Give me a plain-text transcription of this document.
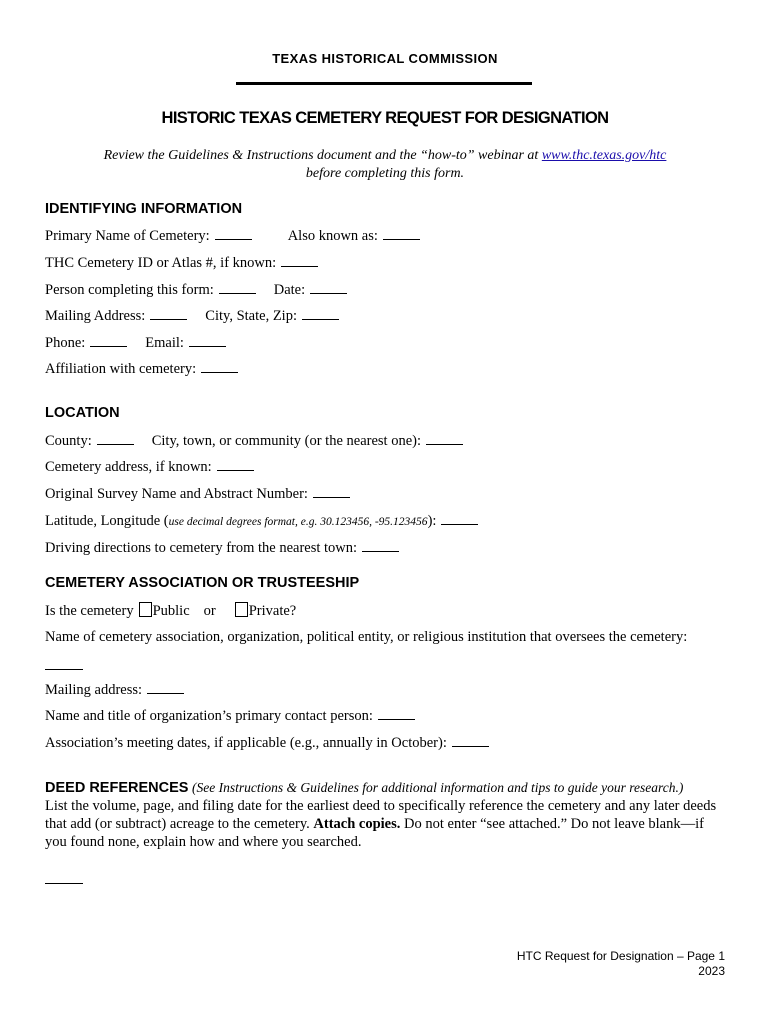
TEXAS HISTORICAL COMMISSION
HISTORIC TEXAS CEMETERY REQUEST FOR DESIGNATION
Review the Guidelines & Instructions document and the “how-to” webinar at www.thc.texas.gov/htc
before completing this form.
IDENTIFYING INFORMATION
Primary Name of Cemetery:	Also known as:
THC Cemetery ID or Atlas #, if known:
Person completing this form:	Date:
Mailing Address:	City, State, Zip:
Phone:	Email:
Affiliation with cemetery:
LOCATION
County:	City, town, or community (or the nearest one):
Cemetery address, if known:
Original Survey Name and Abstract Number:
Latitude, Longitude (use decimal degrees format, e.g. 30.123456, -95.123456):
Driving directions to cemetery from the nearest town:
CEMETERY ASSOCIATION OR TRUSTEESHIP
Is the cemetery Public or Private?
Name of cemetery association, organization, political entity, or religious institution that oversees the cemetery:
Mailing address:
Name and title of organization’s primary contact person:
Association’s meeting dates, if applicable (e.g., annually in October):
DEED REFERENCES (See Instructions & Guidelines for additional information and tips to guide your research.)
List the volume, page, and filing date for the earliest deed to specifically reference the cemetery and any later deeds that add (or subtract) acreage to the cemetery. Attach copies. Do not enter “see attached.” Do not leave blank—if you found none, explain how and where you searched.
HTC Request for Designation – Page 1
2023
